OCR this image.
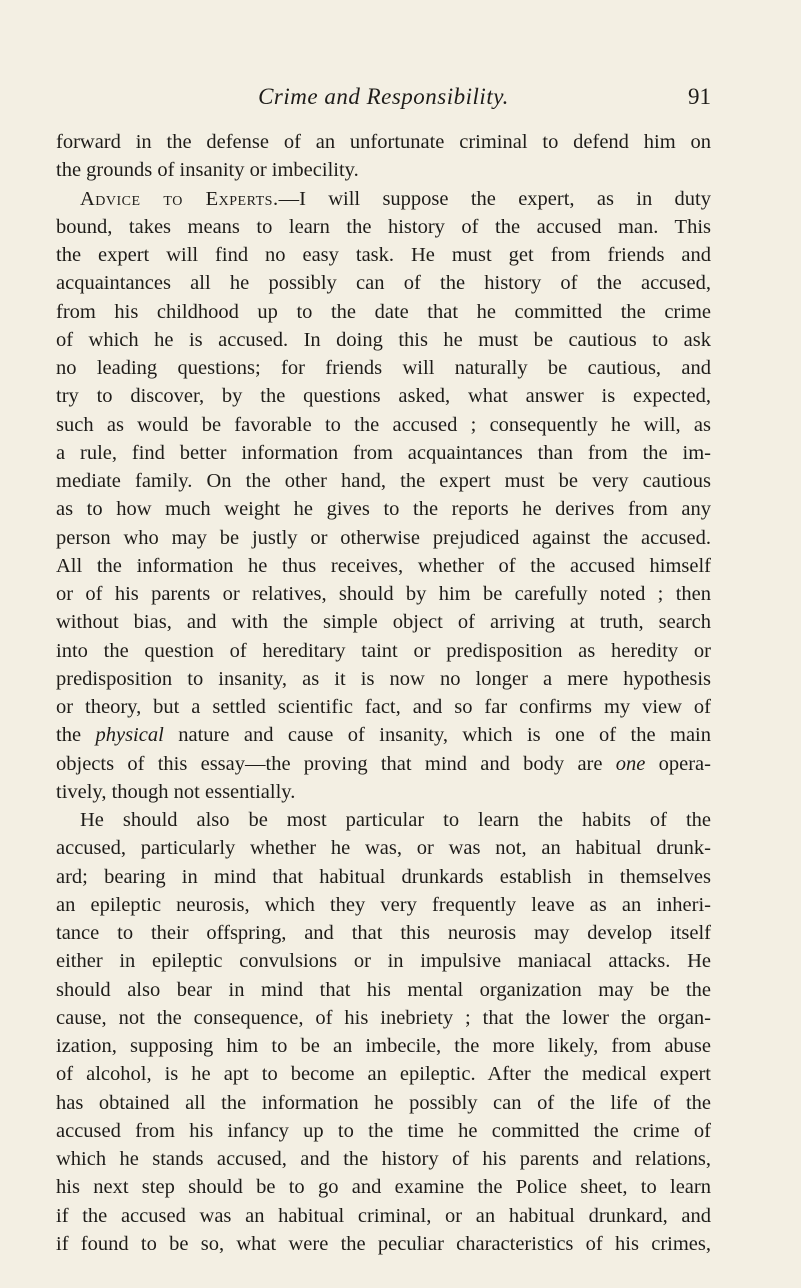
Crime and Responsibility.	91
forward in the defense of an unfortunate criminal to defend him on
the grounds of insanity or imbecility.
Advice to Experts.—I will suppose the expert, as in duty
bound, takes means to learn the history of the accused man. This
the expert will find no easy task. He must get from friends and
acquaintances all he possibly can of the history of the accused,
from his childhood up to the date that he committed the crime
of which he is accused. In doing this he must be cautious to ask
no leading questions; for friends will naturally be cautious, and
try to discover, by the questions asked, what answer is expected,
such as would be favorable to the accused ; consequently he will, as
a rule, find better information from acquaintances than from the im-
mediate family. On the other hand, the expert must be very cautious
as to how much weight he gives to the reports he derives from any
person who may be justly or otherwise prejudiced against the accused.
All the information he thus receives, whether of the accused himself
or of his parents or relatives, should by him be carefully noted ; then
without bias, and with the simple object of arriving at truth, search
into the question of hereditary taint or predisposition as heredity or
predisposition to insanity, as it is now no longer a mere hypothesis
or theory, but a settled scientific fact, and so far confirms my view of
the physical nature and cause of insanity, which is one of the main
objects of this essay—the proving that mind and body are one opera-
tively, though not essentially.
He should also be most particular to learn the habits of the
accused, particularly whether he was, or was not, an habitual drunk-
ard; bearing in mind that habitual drunkards establish in themselves
an epileptic neurosis, which they very frequently leave as an inheri-
tance to their offspring, and that this neurosis may develop itself
either in epileptic convulsions or in impulsive maniacal attacks. He
should also bear in mind that his mental organization may be the
cause, not the consequence, of his inebriety ; that the lower the organ-
ization, supposing him to be an imbecile, the more likely, from abuse
of alcohol, is he apt to become an epileptic. After the medical expert
has obtained all the information he possibly can of the life of the
accused from his infancy up to the time he committed the crime of
which he stands accused, and the history of his parents and relations,
his next step should be to go and examine the Police sheet, to learn
if the accused was an habitual criminal, or an habitual drunkard, and
if found to be so, what were the peculiar characteristics of his crimes,
